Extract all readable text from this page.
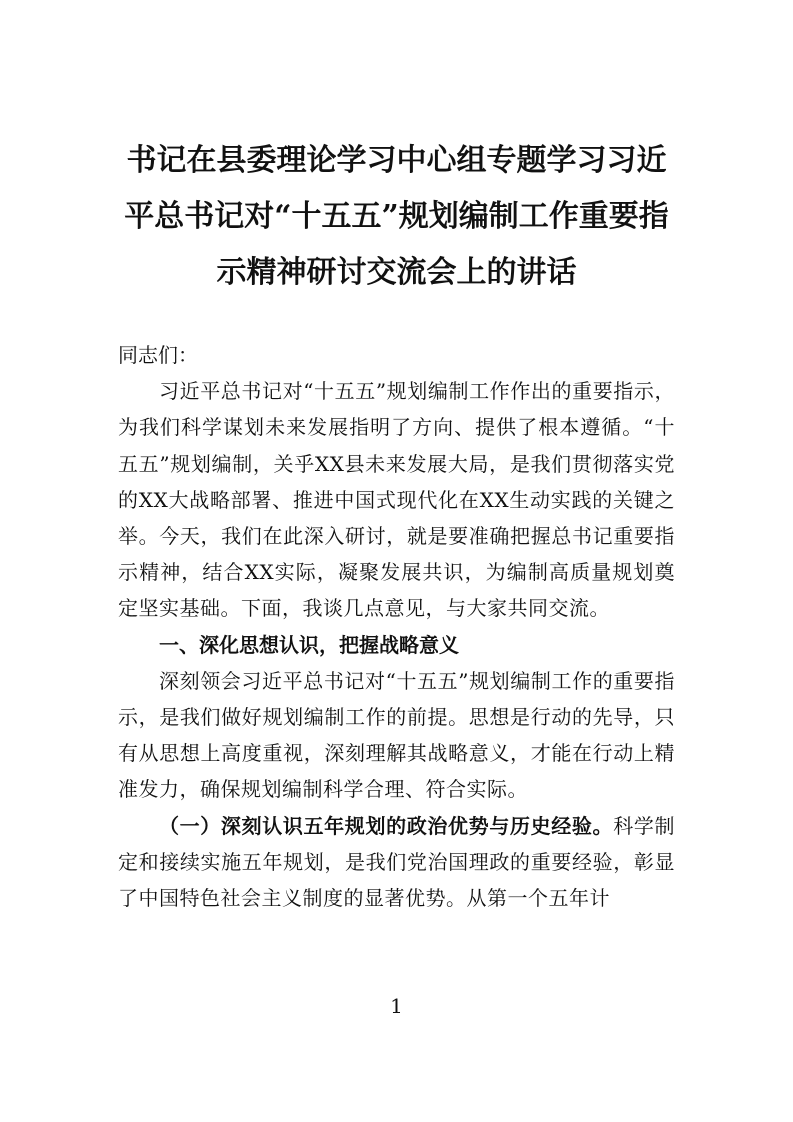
书记在县委理论学习中心组专题学习习近
平总书记对“十五五”规划编制工作重要指
示精神研讨交流会上的讲话

同志们：

习近平总书记对“十五五”规划编制工作作出的重要指示，为我们科学谋划未来发展指明了方向、提供了根本遵循。“十五五”规划编制，关乎XX县未来发展大局，是我们贯彻落实党的XX大战略部署、推进中国式现代化在XX生动实践的关键之举。今天，我们在此深入研讨，就是要准确把握总书记重要指示精神，结合XX实际，凝聚发展共识，为编制高质量规划奠定坚实基础。下面，我谈几点意见，与大家共同交流。

一、深化思想认识，把握战略意义

深刻领会习近平总书记对“十五五”规划编制工作的重要指示，是我们做好规划编制工作的前提。思想是行动的先导，只有从思想上高度重视，深刻理解其战略意义，才能在行动上精准发力，确保规划编制科学合理、符合实际。

（一）深刻认识五年规划的政治优势与历史经验。科学制定和接续实施五年规划，是我们党治国理政的重要经验，彰显了中国特色社会主义制度的显著优势。从第一个五年计

1
